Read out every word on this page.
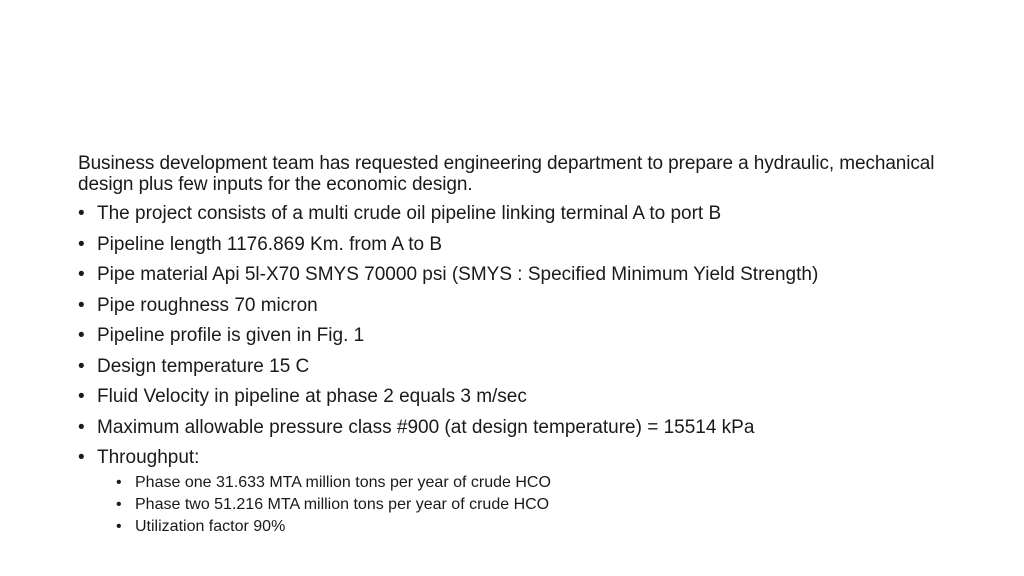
Business development team has requested engineering department to prepare a hydraulic, mechanical design plus few inputs for the economic design.

• The project consists of a multi crude oil pipeline linking terminal A to port B
• Pipeline length 1176.869 Km. from A to B
• Pipe material Api 5l-X70 SMYS 70000 psi (SMYS : Specified Minimum Yield Strength)
• Pipe roughness 70 micron
• Pipeline profile is given in Fig. 1
• Design temperature 15 C
• Fluid Velocity in pipeline at phase 2 equals 3 m/sec
• Maximum allowable pressure class #900 (at design temperature) = 15514 kPa
• Throughput:
• Phase one 31.633 MTA million tons per year of crude HCO
• Phase two 51.216 MTA million tons per year of crude HCO
• Utilization factor 90%
